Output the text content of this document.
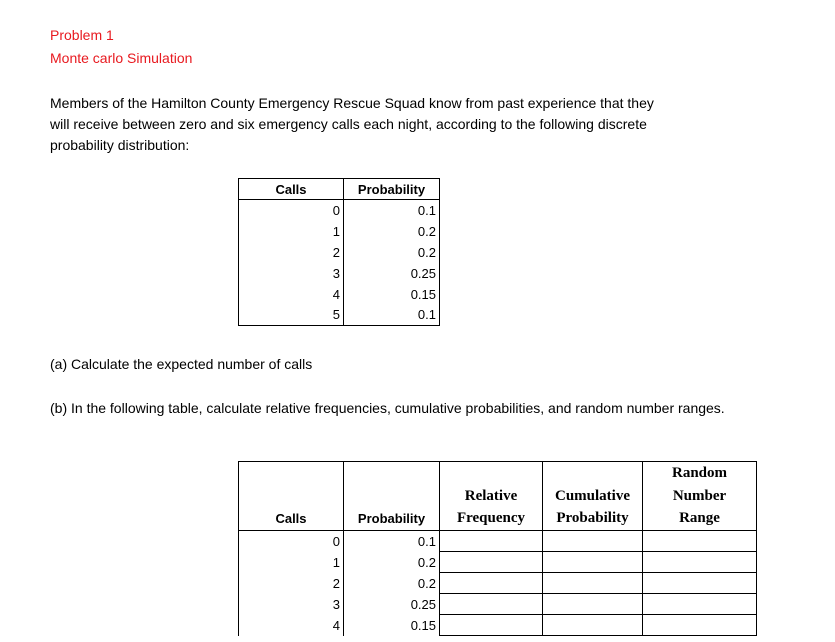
Problem 1
Monte carlo Simulation
Members of the Hamilton County Emergency Rescue Squad know from past experience that they
will receive between zero and six emergency calls each night, according to the following discrete
probability distribution:
Calls	Probability
0	0.1
1	0.2
2	0.2
3	0.25
4	0.15
5	0.1
(a) Calculate the expected number of calls
(b) In the following table, calculate relative frequencies, cumulative probabilities, and random number ranges.
				Random
		Relative	Cumulative	Number
Calls	Probability	Frequency	Probability	Range
0	0.1			
1	0.2			
2	0.2			
3	0.25			
4	0.15			
